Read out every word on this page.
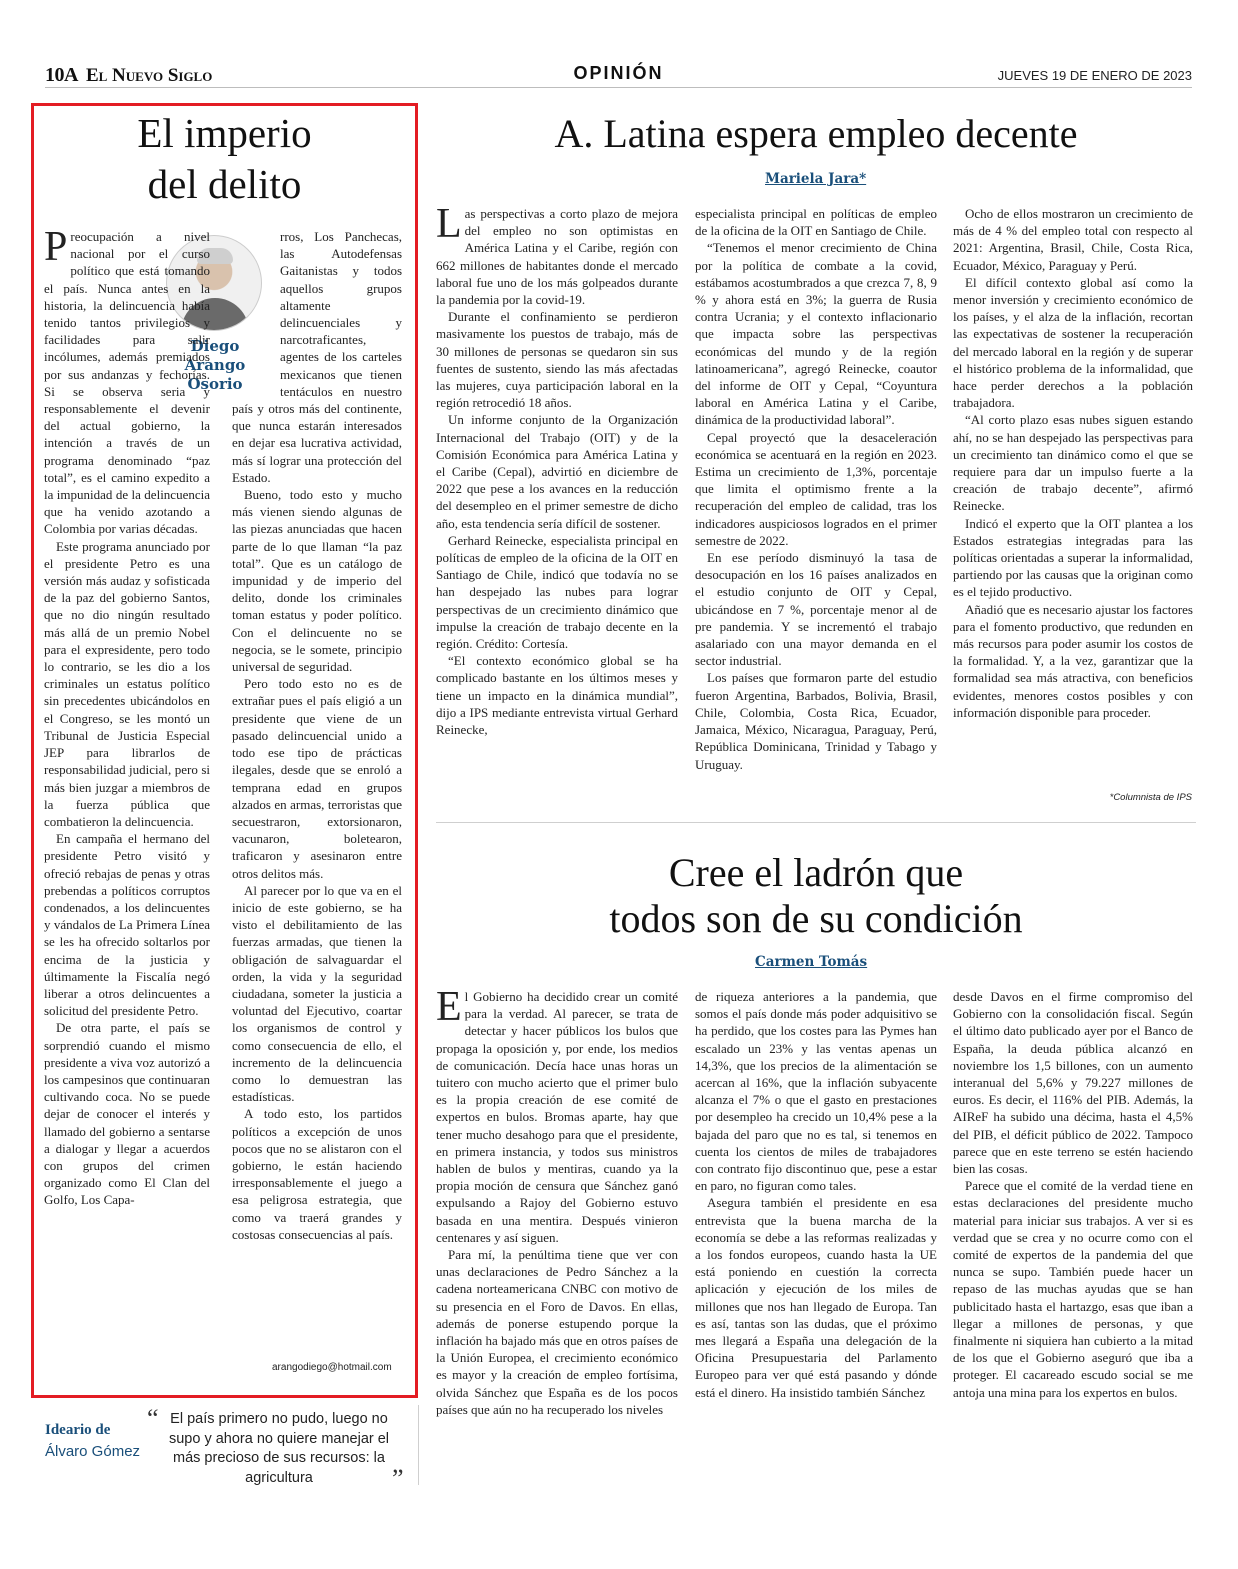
10A El Nuevo Siglo	OPINIÓN	JUEVES 19 DE ENERO DE 2023
El imperio
del delito
Diego
Arango
Osorio

Preocupación a nivel nacional por el curso político que está tomando el país. Nunca antes en la historia, la delincuencia había tenido tantos privilegios y facilidades para salir incólumes, además premiados por sus andanzas y fechorías. Si se observa seria y responsablemente el devenir del actual gobierno, la intención a través de un programa denominado “paz total”, es el camino expedito a la impunidad de la delincuencia que ha venido azotando a Colombia por varias décadas.

Este programa anunciado por el presidente Petro es una versión más audaz y sofisticada de la paz del gobierno Santos, que no dio ningún resultado más allá de un premio Nobel para el expresidente, pero todo lo contrario, se les dio a los criminales un estatus político sin precedentes ubicándolos en el Congreso, se les montó un Tribunal de Justicia Especial JEP para librarlos de responsabilidad judicial, pero si más bien juzgar a miembros de la fuerza pública que combatieron la delincuencia.

En campaña el hermano del presidente Petro visitó y ofreció rebajas de penas y otras prebendas a políticos corruptos condenados, a los delincuentes y vándalos de La Primera Línea se les ha ofrecido soltarlos por encima de la justicia y últimamente la Fiscalía negó liberar a otros delincuentes a solicitud del presidente Petro.

De otra parte, el país se sorprendió cuando el mismo presidente a viva voz autorizó a los campesinos que continuaran cultivando coca. No se puede dejar de conocer el interés y llamado del gobierno a sentarse a dialogar y llegar a acuerdos con grupos del crimen organizado como El Clan del Golfo, Los Capa-

rros, Los Panchecas, las Autodefensas Gaitanistas y todos aquellos grupos altamente delincuenciales y narcotraficantes, agentes de los carteles mexicanos que tienen tentáculos en nuestro país y otros más del continente, que nunca estarán interesados en dejar esa lucrativa actividad, más sí lograr una protección del Estado.

Bueno, todo esto y mucho más vienen siendo algunas de las piezas anunciadas que hacen parte de lo que llaman “la paz total”. Que es un catálogo de impunidad y de imperio del delito, donde los criminales toman estatus y poder político. Con el delincuente no se negocia, se le somete, principio universal de seguridad.

Pero todo esto no es de extrañar pues el país eligió a un presidente que viene de un pasado delincuencial unido a todo ese tipo de prácticas ilegales, desde que se enroló a temprana edad en grupos alzados en armas, terroristas que secuestraron, extorsionaron, vacunaron, boletearon, traficaron y asesinaron entre otros delitos más.

Al parecer por lo que va en el inicio de este gobierno, se ha visto el debilitamiento de las fuerzas armadas, que tienen la obligación de salvaguardar el orden, la vida y la seguridad ciudadana, someter la justicia a voluntad del Ejecutivo, coartar los organismos de control y como consecuencia de ello, el incremento de la delincuencia como lo demuestran las estadísticas.

A todo esto, los partidos políticos a excepción de unos pocos que no se alistaron con el gobierno, le están haciendo irresponsablemente el juego a esa peligrosa estrategia, que como va traerá grandes y costosas consecuencias al país.

arangodiego@hotmail.com
Ideario de
Álvaro Gómez
“ El país primero no pudo, luego no supo y ahora no quiere manejar el más precioso de sus recursos: la agricultura	”
A. Latina espera empleo decente
Mariela Jara*

Las perspectivas a corto plazo de mejora del empleo no son optimistas en América Latina y el Caribe, región con 662 millones de habitantes donde el mercado laboral fue uno de los más golpeados durante la pandemia por la covid-19.

Durante el confinamiento se perdieron masivamente los puestos de trabajo, más de 30 millones de personas se quedaron sin sus fuentes de sustento, siendo las más afectadas las mujeres, cuya participación laboral en la región retrocedió 18 años.

Un informe conjunto de la Organización Internacional del Trabajo (OIT) y de la Comisión Económica para América Latina y el Caribe (Cepal), advirtió en diciembre de 2022 que pese a los avances en la reducción del desempleo en el primer semestre de dicho año, esta tendencia sería difícil de sostener.

Gerhard Reinecke, especialista principal en políticas de empleo de la oficina de la OIT en Santiago de Chile, indicó que todavía no se han despejado las nubes para lograr perspectivas de un crecimiento dinámico que impulse la creación de trabajo decente en la región. Crédito: Cortesía.

“El contexto económico global se ha complicado bastante en los últimos meses y tiene un impacto en la dinámica mundial”, dijo a IPS mediante entrevista virtual Gerhard Reinecke,

especialista principal en políticas de empleo de la oficina de la OIT en Santiago de Chile.

“Tenemos el menor crecimiento de China por la política de combate a la covid, estábamos acostumbrados a que crezca 7, 8, 9 % y ahora está en 3%; la guerra de Rusia contra Ucrania; y el contexto inflacionario que impacta sobre las perspectivas económicas del mundo y de la región latinoamericana”, agregó Reinecke, coautor del informe de OIT y Cepal, “Coyuntura laboral en América Latina y el Caribe, dinámica de la productividad laboral”.

Cepal proyectó que la desaceleración económica se acentuará en la región en 2023. Estima un crecimiento de 1,3%, porcentaje que limita el optimismo frente a la recuperación del empleo de calidad, tras los indicadores auspiciosos logrados en el primer semestre de 2022.

En ese período disminuyó la tasa de desocupación en los 16 países analizados en el estudio conjunto de OIT y Cepal, ubicándose en 7 %, porcentaje menor al de pre pandemia. Y se incrementó el trabajo asalariado con una mayor demanda en el sector industrial.

Los países que formaron parte del estudio fueron Argentina, Barbados, Bolivia, Brasil, Chile, Colombia, Costa Rica, Ecuador, Jamaica, México, Nicaragua, Paraguay, Perú, República Dominicana, Trinidad y Tabago y Uruguay.

Ocho de ellos mostraron un crecimiento de más de 4 % del empleo total con respecto al 2021: Argentina, Brasil, Chile, Costa Rica, Ecuador, México, Paraguay y Perú.

El difícil contexto global así como la menor inversión y crecimiento económico de los países, y el alza de la inflación, recortan las expectativas de sostener la recuperación del mercado laboral en la región y de superar el histórico problema de la informalidad, que hace perder derechos a la población trabajadora.

“Al corto plazo esas nubes siguen estando ahí, no se han despejado las perspectivas para un crecimiento tan dinámico como el que se requiere para dar un impulso fuerte a la creación de trabajo decente”, afirmó Reinecke.

Indicó el experto que la OIT plantea a los Estados estrategias integradas para las políticas orientadas a superar la informalidad, partiendo por las causas que la originan como es el tejido productivo.

Añadió que es necesario ajustar los factores para el fomento productivo, que redunden en más recursos para poder asumir los costos de la formalidad. Y, a la vez, garantizar que la formalidad sea más atractiva, con beneficios evidentes, menores costos posibles y con información disponible para proceder.

*Columnista de IPS
Cree el ladrón que
todos son de su condición
Carmen Tomás

El Gobierno ha decidido crear un comité para la verdad. Al parecer, se trata de detectar y hacer públicos los bulos que propaga la oposición y, por ende, los medios de comunicación. Decía hace unas horas un tuitero con mucho acierto que el primer bulo es la propia creación de ese comité de expertos en bulos. Bromas aparte, hay que tener mucho desahogo para que el presidente, en primera instancia, y todos sus ministros hablen de bulos y mentiras, cuando ya la propia moción de censura que Sánchez ganó expulsando a Rajoy del Gobierno estuvo basada en una mentira. Después vinieron centenares y así siguen.

Para mí, la penúltima tiene que ver con unas declaraciones de Pedro Sánchez a la cadena norteamericana CNBC con motivo de su presencia en el Foro de Davos. En ellas, además de ponerse estupendo porque la inflación ha bajado más que en otros países de la Unión Europea, el crecimiento económico es mayor y la creación de empleo fortísima, olvida Sánchez que España es de los pocos países que aún no ha recuperado los niveles

de riqueza anteriores a la pandemia, que somos el país donde más poder adquisitivo se ha perdido, que los costes para las Pymes han escalado un 23% y las ventas apenas un 14,3%, que los precios de la alimentación se acercan al 16%, que la inflación subyacente alcanza el 7% o que el gasto en prestaciones por desempleo ha crecido un 10,4% pese a la bajada del paro que no es tal, si tenemos en cuenta los cientos de miles de trabajadores con contrato fijo discontinuo que, pese a estar en paro, no figuran como tales.

Asegura también el presidente en esa entrevista que la buena marcha de la economía se debe a las reformas realizadas y a los fondos europeos, cuando hasta la UE está poniendo en cuestión la correcta aplicación y ejecución de los miles de millones que nos han llegado de Europa. Tan es así, tantas son las dudas, que el próximo mes llegará a España una delegación de la Oficina Presupuestaria del Parlamento Europeo para ver qué está pasando y dónde está el dinero. Ha insistido también Sánchez

desde Davos en el firme compromiso del Gobierno con la consolidación fiscal. Según el último dato publicado ayer por el Banco de España, la deuda pública alcanzó en noviembre los 1,5 billones, con un aumento interanual del 5,6% y 79.227 millones de euros. Es decir, el 116% del PIB. Además, la AIReF ha subido una décima, hasta el 4,5% del PIB, el déficit público de 2022. Tampoco parece que en este terreno se estén haciendo bien las cosas.

Parece que el comité de la verdad tiene en estas declaraciones del presidente mucho material para iniciar sus trabajos. A ver si es verdad que se crea y no ocurre como con el comité de expertos de la pandemia del que nunca se supo. También puede hacer un repaso de las muchas ayudas que se han publicitado hasta el hartazgo, esas que iban a llegar a millones de personas, y que finalmente ni siquiera han cubierto a la mitad de los que el Gobierno aseguró que iba a proteger. El cacareado escudo social se me antoja una mina para los expertos en bulos.
